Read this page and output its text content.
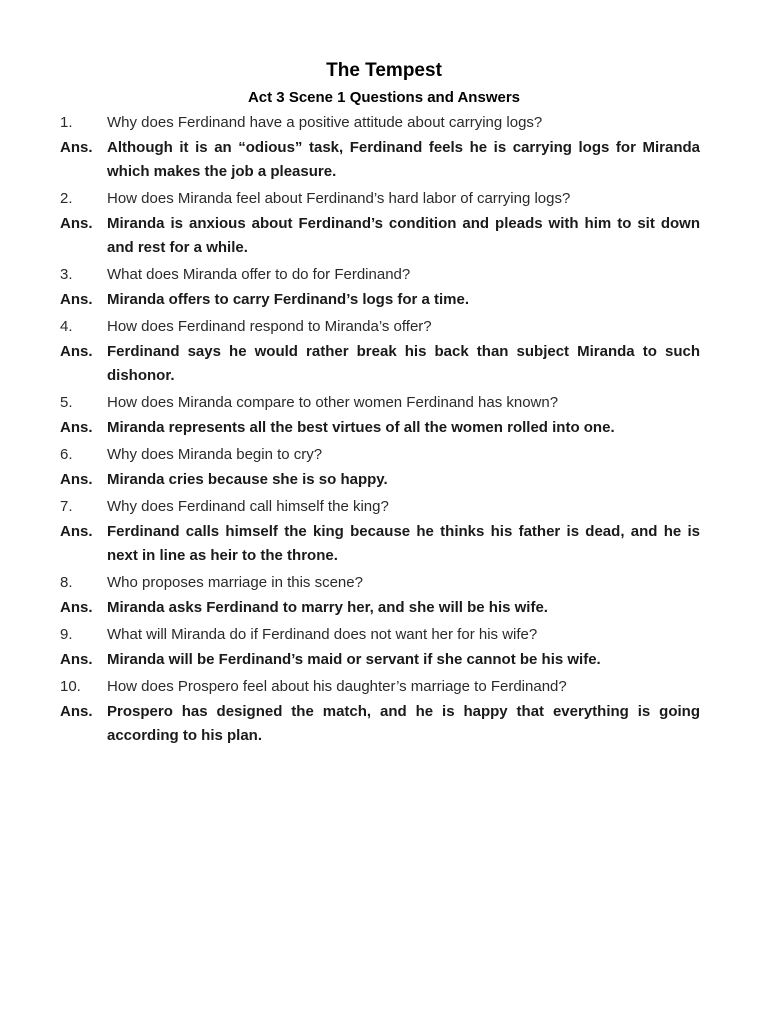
The Tempest
Act 3 Scene 1 Questions and Answers
1.	Why does Ferdinand have a positive attitude about carrying logs?
Ans. Although it is an “odious” task, Ferdinand feels he is carrying logs for Miranda which makes the job a pleasure.
2.	How does Miranda feel about Ferdinand’s hard labor of carrying logs?
Ans. Miranda is anxious about Ferdinand’s condition and pleads with him to sit down and rest for a while.
3.	What does Miranda offer to do for Ferdinand?
Ans. Miranda offers to carry Ferdinand’s logs for a time.
4.	How does Ferdinand respond to Miranda’s offer?
Ans. Ferdinand says he would rather break his back than subject Miranda to such dishonor.
5.	How does Miranda compare to other women Ferdinand has known?
Ans. Miranda represents all the best virtues of all the women rolled into one.
6.	Why does Miranda begin to cry?
Ans. Miranda cries because she is so happy.
7.	Why does Ferdinand call himself the king?
Ans. Ferdinand calls himself the king because he thinks his father is dead, and he is next in line as heir to the throne.
8.	Who proposes marriage in this scene?
Ans. Miranda asks Ferdinand to marry her, and she will be his wife.
9.	What will Miranda do if Ferdinand does not want her for his wife?
Ans. Miranda will be Ferdinand’s maid or servant if she cannot be his wife.
10.	How does Prospero feel about his daughter’s marriage to Ferdinand?
Ans. Prospero has designed the match, and he is happy that everything is going according to his plan.
